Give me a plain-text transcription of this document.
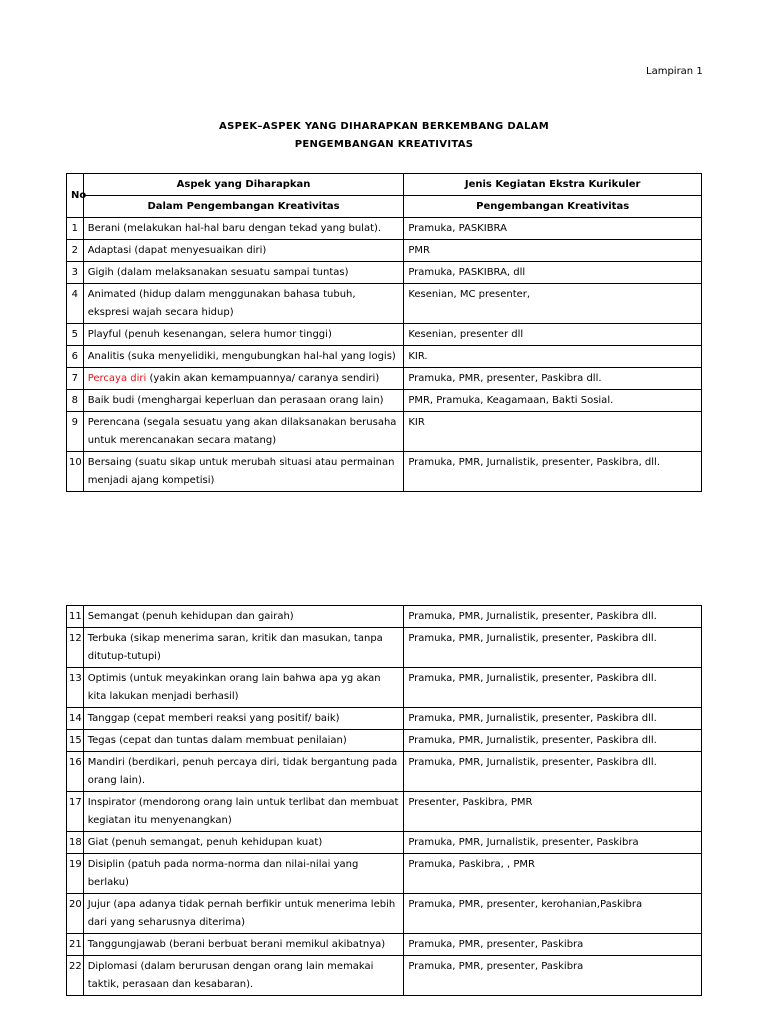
Lampiran 1
ASPEK–ASPEK YANG DIHARAPKAN BERKEMBANG DALAM
PENGEMBANGAN KREATIVITAS
No	Aspek yang Diharapkan	Jenis Kegiatan Ekstra Kurikuler
	Dalam Pengembangan Kreativitas	Pengembangan Kreativitas
1	Berani (melakukan hal-hal baru dengan tekad yang bulat).	Pramuka, PASKIBRA
2	Adaptasi (dapat menyesuaikan diri)	PMR
3	Gigih (dalam melaksanakan sesuatu sampai tuntas)	Pramuka, PASKIBRA, dll
4	Animated (hidup dalam menggunakan bahasa tubuh, ekspresi wajah secara hidup)	Kesenian, MC presenter,
5	Playful (penuh kesenangan, selera humor tinggi)	Kesenian, presenter dll
6	Analitis (suka menyelidiki, mengubungkan hal-hal yang logis)	KIR.
7	Percaya diri (yakin akan kemampuannya/ caranya sendiri)	Pramuka, PMR, presenter, Paskibra dll.
8	Baik budi (menghargai keperluan dan perasaan orang lain)	PMR, Pramuka, Keagamaan, Bakti Sosial.
9	Perencana (segala sesuatu yang akan dilaksanakan berusaha untuk merencanakan secara matang)	KIR
10	Bersaing (suatu sikap untuk merubah situasi atau permainan menjadi ajang kompetisi)	Pramuka, PMR, Jurnalistik, presenter, Paskibra, dll.
11	Semangat (penuh kehidupan dan gairah)	Pramuka, PMR, Jurnalistik, presenter, Paskibra dll.
12	Terbuka (sikap menerima saran, kritik dan masukan, tanpa ditutup-tutupi)	Pramuka, PMR, Jurnalistik, presenter, Paskibra dll.
13	Optimis (untuk meyakinkan orang lain bahwa apa yg akan kita lakukan menjadi berhasil)	Pramuka, PMR, Jurnalistik, presenter, Paskibra dll.
14	Tanggap (cepat memberi reaksi yang positif/ baik)	Pramuka, PMR, Jurnalistik, presenter, Paskibra dll.
15	Tegas (cepat dan tuntas dalam membuat penilaian)	Pramuka, PMR, Jurnalistik, presenter, Paskibra dll.
16	Mandiri (berdikari, penuh percaya diri, tidak bergantung pada orang lain).	Pramuka, PMR, Jurnalistik, presenter, Paskibra dll.
17	Inspirator (mendorong orang lain untuk terlibat dan membuat kegiatan itu menyenangkan)	Presenter, Paskibra, PMR
18	Giat (penuh semangat, penuh kehidupan kuat)	Pramuka, PMR, Jurnalistik, presenter, Paskibra
19	Disiplin (patuh pada norma-norma dan nilai-nilai yang berlaku)	Pramuka, Paskibra, , PMR
20	Jujur (apa adanya tidak pernah berfikir untuk menerima lebih dari yang seharusnya diterima)	Pramuka, PMR, presenter, kerohanian,Paskibra
21	Tanggungjawab (berani berbuat berani memikul akibatnya)	Pramuka, PMR, presenter, Paskibra
22	Diplomasi (dalam berurusan dengan orang lain memakai taktik, perasaan dan kesabaran).	Pramuka, PMR, presenter, Paskibra
